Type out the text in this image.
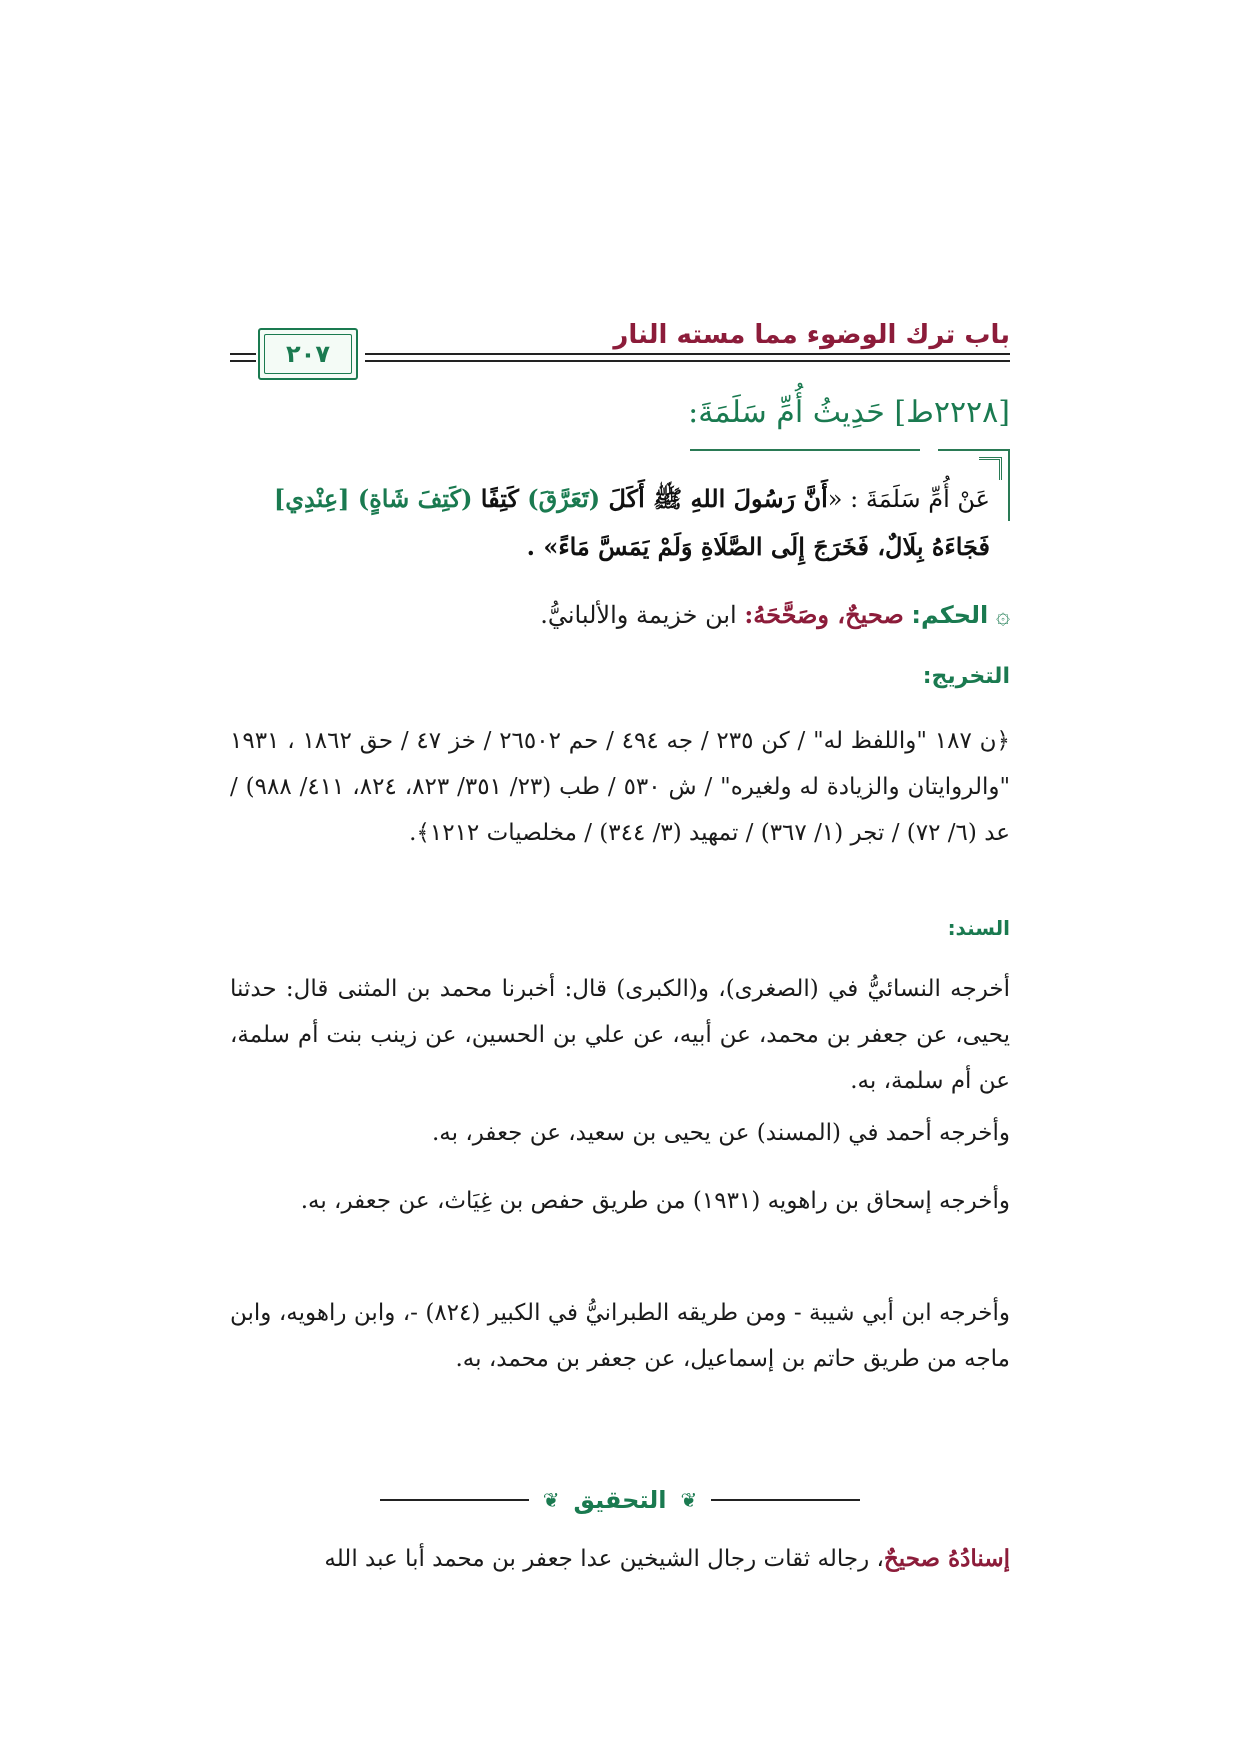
باب ترك الوضوء مما مسته النار
٢٠٧
[٢٢٢٨ط] حَدِيثُ أُمِّ سَلَمَةَ:
عَنْ أُمِّ سَلَمَةَ : «أَنَّ رَسُولَ اللهِ ﷺ أَكَلَ (تَعَرَّقَ) كَتِفًا (كَتِفَ شَاةٍ) [عِنْدِي] فَجَاءَهُ بِلَالٌ، فَخَرَجَ إِلَى الصَّلَاةِ وَلَمْ يَمَسَّ مَاءً» .
۞ الحكم: صحيحٌ، وصَحَّحَهُ: ابن خزيمة والألبانيُّ.
التخريج:
﴿ن ١٨٧ "واللفظ له" / كن ٢٣٥ / جه ٤٩٤ / حم ٢٦٥٠٢ / خز ٤٧ / حق ١٨٦٢ ، ١٩٣١ "والروايتان والزيادة له ولغيره" / ش ٥٣٠ / طب (٢٣/ ٣٥١/ ٨٢٣، ٨٢٤، ٤١١/ ٩٨٨) / عد (٦/ ٧٢) / تجر (١/ ٣٦٧) / تمهيد (٣/ ٣٤٤) / مخلصيات ١٢١٢﴾.
السند:
أخرجه النسائيُّ في (الصغرى)، و(الكبرى) قال: أخبرنا محمد بن المثنى قال: حدثنا يحيى، عن جعفر بن محمد، عن أبيه، عن علي بن الحسين، عن زينب بنت أم سلمة، عن أم سلمة، به.
وأخرجه أحمد في (المسند) عن يحيى بن سعيد، عن جعفر، به.
وأخرجه إسحاق بن راهويه (١٩٣١) من طريق حفص بن غِيَاث، عن جعفر، به.
وأخرجه ابن أبي شيبة - ومن طريقه الطبرانيُّ في الكبير (٨٢٤) -، وابن راهويه، وابن ماجه من طريق حاتم بن إسماعيل، عن جعفر بن محمد، به.
❦
التحقيق
❦
إسنادُهُ صحيحٌ، رجاله ثقات رجال الشيخين عدا جعفر بن محمد أبا عبد الله
